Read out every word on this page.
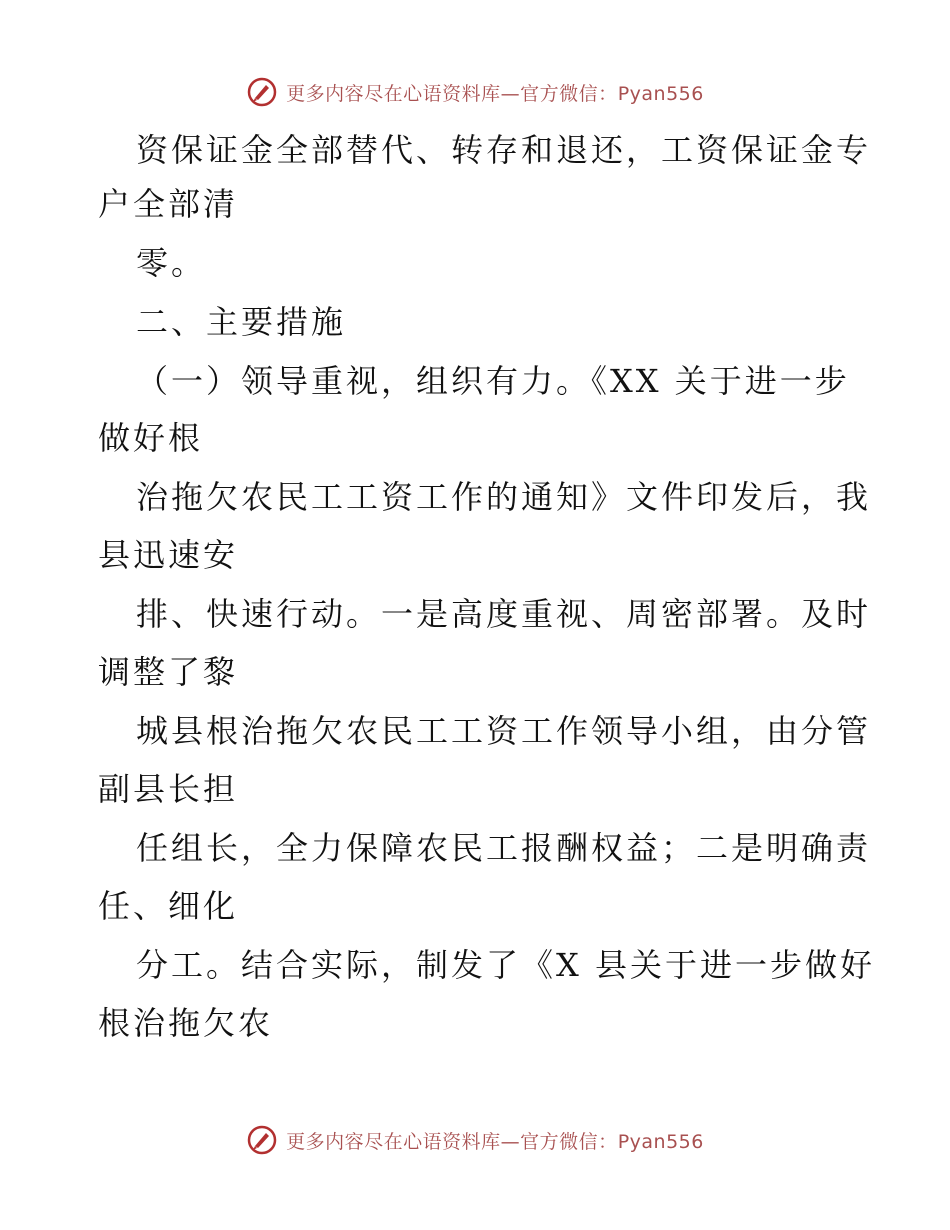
更多内容尽在心语资料库—官方微信：Pyan556
资保证金全部替代、转存和退还，工资保证金专
户全部清
零。
二、主要措施
（一）领导重视，组织有力。《XX 关于进一步
做好根
治拖欠农民工工资工作的通知》文件印发后，我
县迅速安
排、快速行动。一是高度重视、周密部署。及时
调整了黎
城县根治拖欠农民工工资工作领导小组，由分管
副县长担
任组长，全力保障农民工报酬权益；二是明确责
任、细化
分工。结合实际，制发了《X 县关于进一步做好
根治拖欠农
更多内容尽在心语资料库—官方微信：Pyan556
